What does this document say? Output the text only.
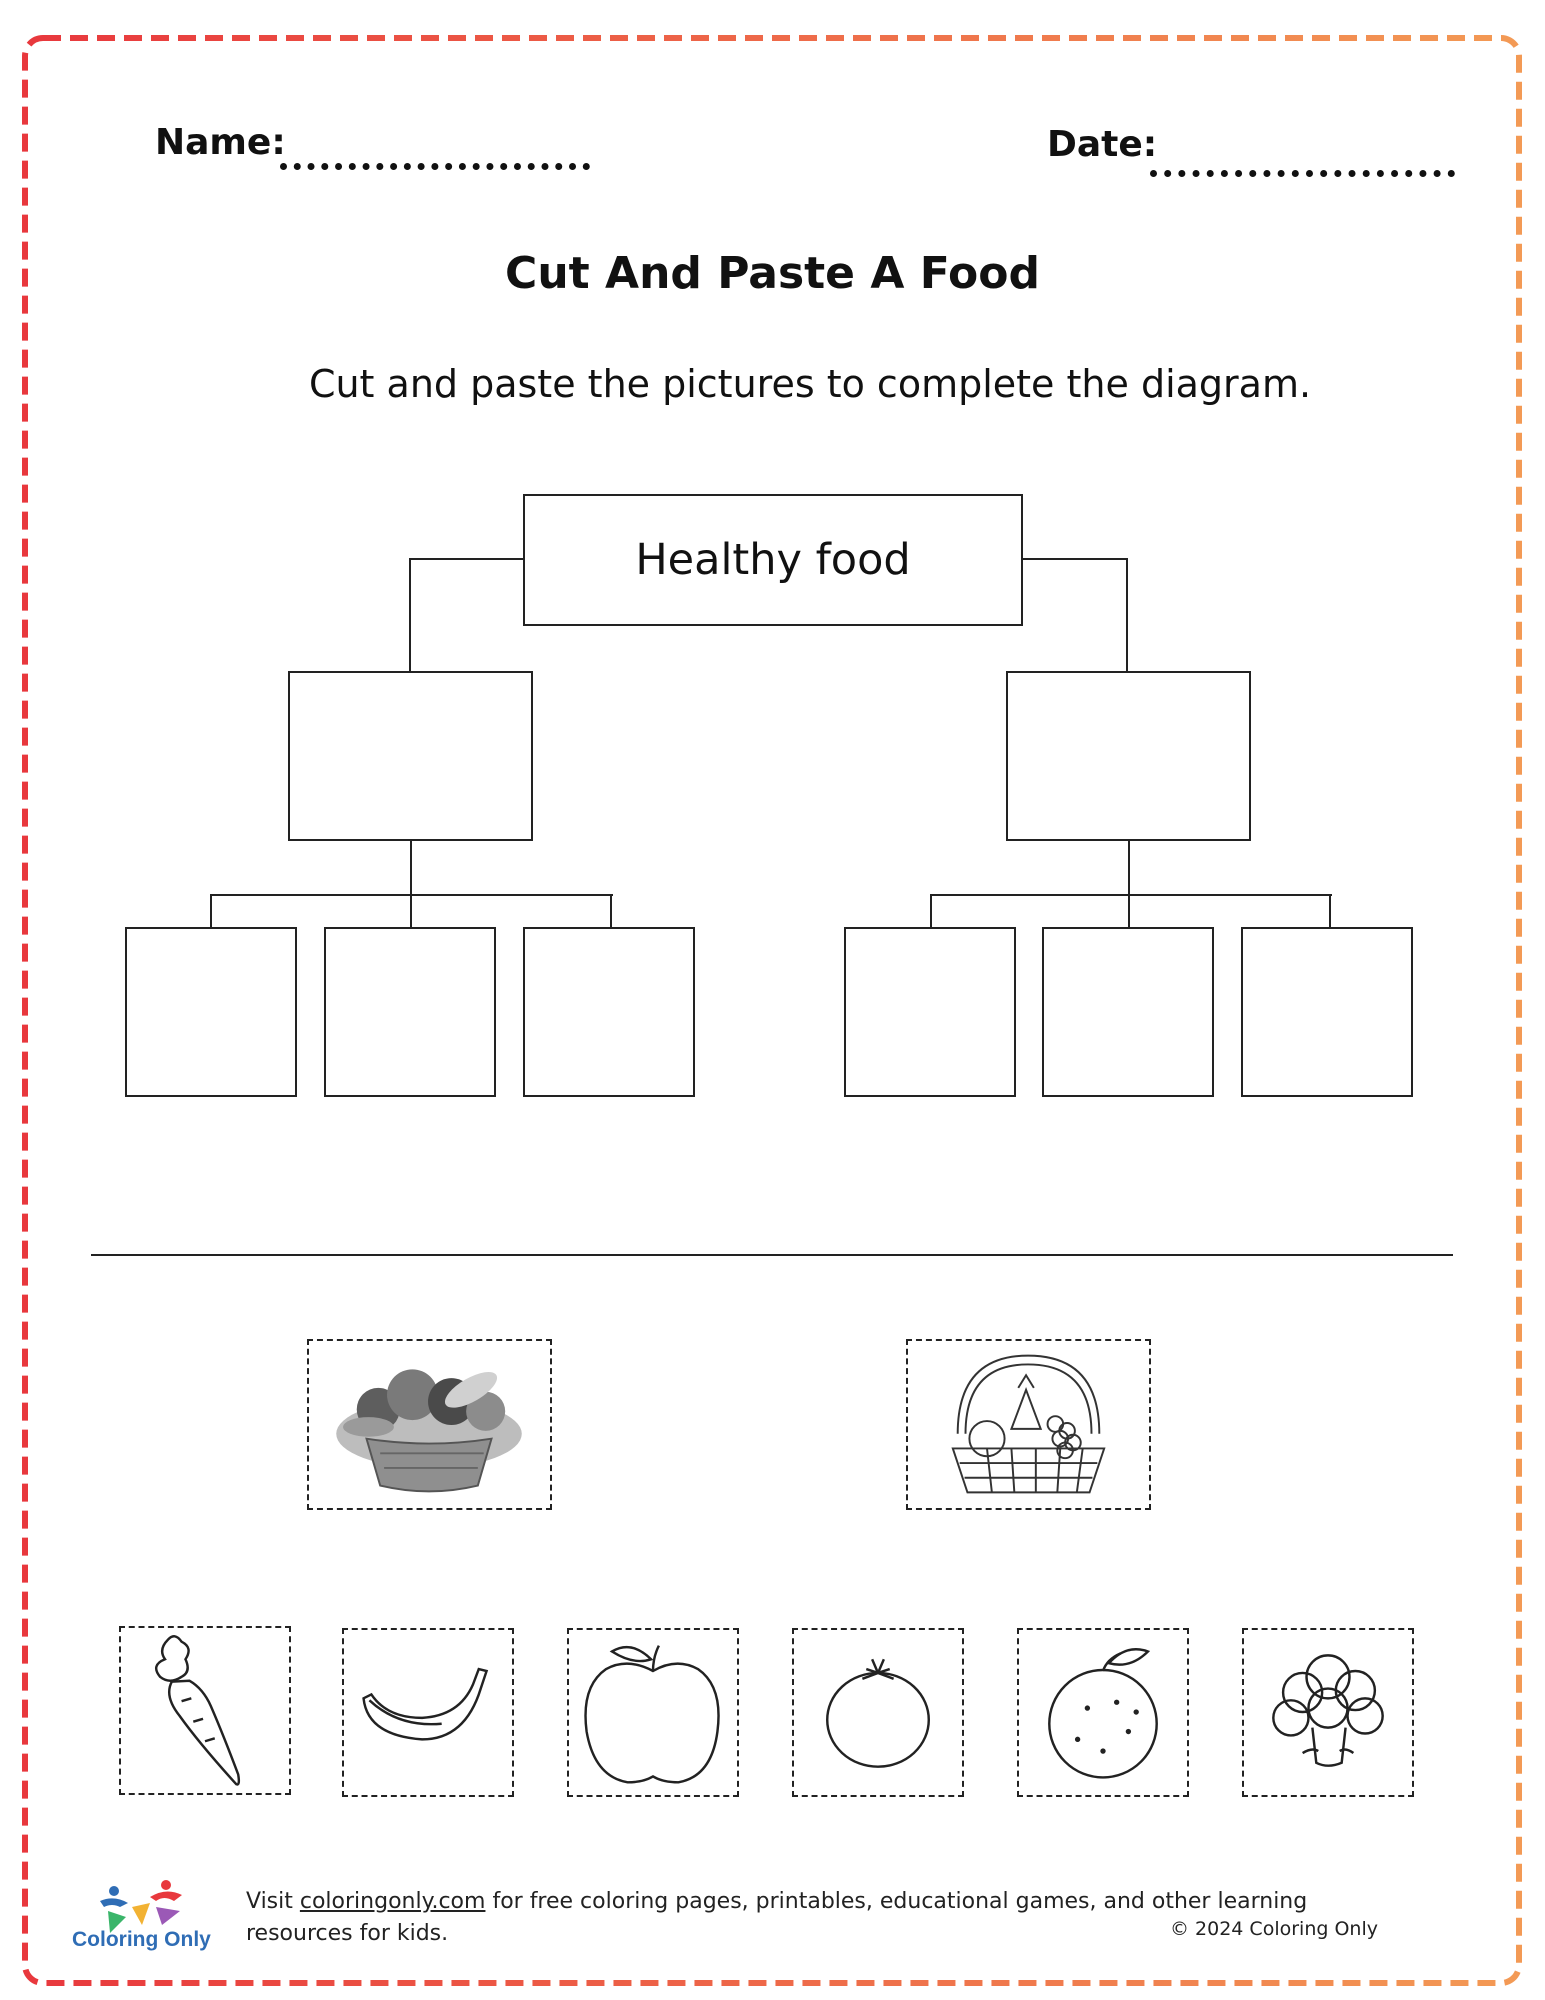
Name:	Date:
Cut And Paste A Food
Cut and paste the pictures to complete the diagram.
Healthy food
Coloring Only
Visit coloringonly.com for free coloring pages, printables, educational games, and other learning resources for kids.	© 2024 Coloring Only
